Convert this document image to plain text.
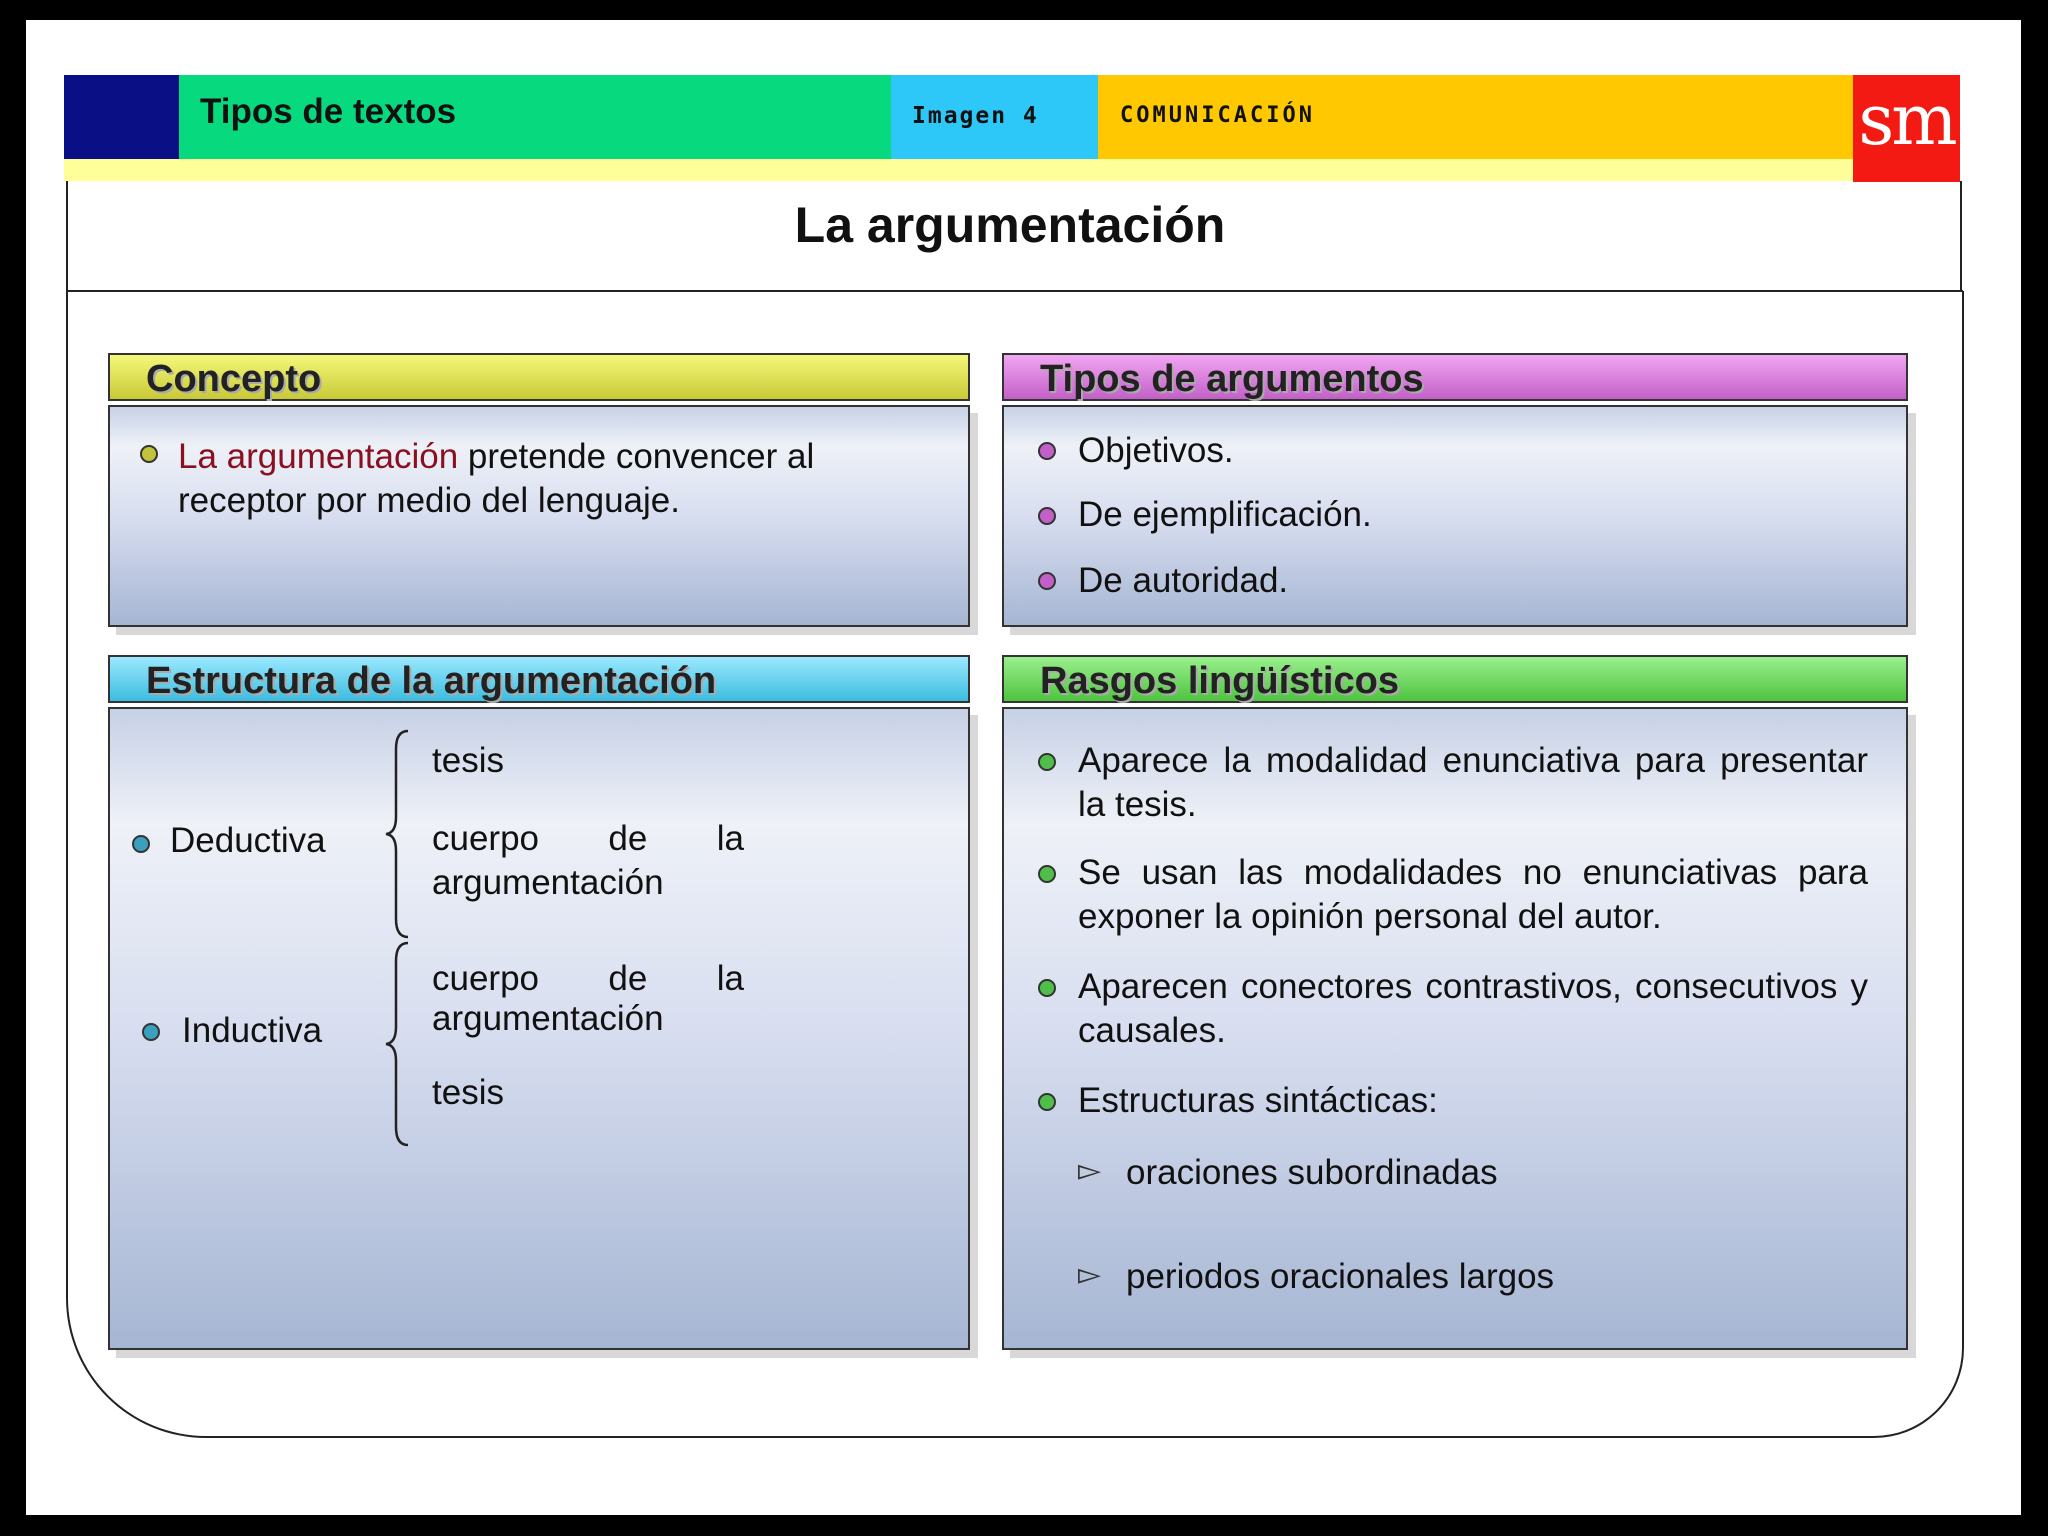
Tipos de textos	Imagen 4	COMUNICACIÓN	sm
La argumentación
Concepto
La argumentación pretende convencer al
receptor por medio del lenguaje.
Tipos de argumentos
Objetivos.
De ejemplificación.
De autoridad.
Estructura de la argumentación
Deductiva
tesis
cuerpo de la
argumentación
Inductiva
cuerpo de la
argumentación
tesis
Rasgos lingüísticos
Aparece la modalidad enunciativa para presentar la tesis.
Se usan las modalidades no enunciativas para exponer la opinión personal del autor.
Aparecen conectores contrastivos, consecutivos y causales.
Estructuras sintácticas:
▻ oraciones subordinadas
▻ periodos oracionales largos
